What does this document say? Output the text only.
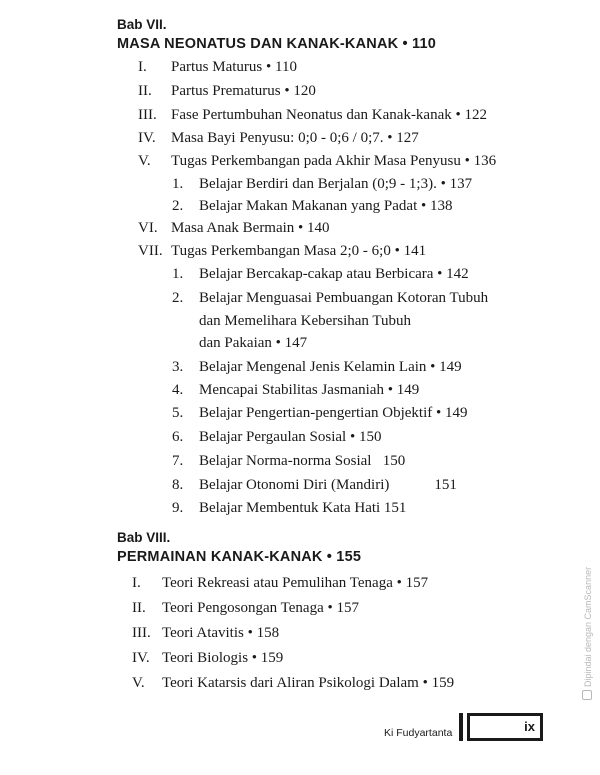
Bab VII.
MASA NEONATUS DAN KANAK-KANAK • 110
I. Partus Maturus • 110
II. Partus Prematurus • 120
III. Fase Pertumbuhan Neonatus dan Kanak-kanak • 122
IV. Masa Bayi Penyusu: 0;0 - 0;6 / 0;7. • 127
V. Tugas Perkembangan pada Akhir Masa Penyusu • 136
1. Belajar Berdiri dan Berjalan (0;9 - 1;3). • 137
2. Belajar Makan Makanan yang Padat • 138
VI. Masa Anak Bermain • 140
VII. Tugas Perkembangan Masa 2;0 - 6;0 • 141
1. Belajar Bercakap-cakap atau Berbicara • 142
2. Belajar Menguasai Pembuangan Kotoran Tubuh
dan Memelihara Kebersihan Tubuh
dan Pakaian • 147
3. Belajar Mengenal Jenis Kelamin Lain • 149
4. Mencapai Stabilitas Jasmaniah • 149
5. Belajar Pengertian-pengertian Objektif • 149
6. Belajar Pergaulan Sosial • 150
7. Belajar Norma-norma Sosial   150
8. Belajar Otonomi Diri (Mandiri)            151
9. Belajar Membentuk Kata Hati 151
Bab VIII.
PERMAINAN KANAK-KANAK • 155
I. Teori Rekreasi atau Pemulihan Tenaga • 157
II. Teori Pengosongan Tenaga • 157
III. Teori Atavitis • 158
IV. Teori Biologis • 159
V. Teori Katarsis dari Aliran Psikologi Dalam • 159
Ki Fudyartanta	ix
Dipindai dengan CamScanner
